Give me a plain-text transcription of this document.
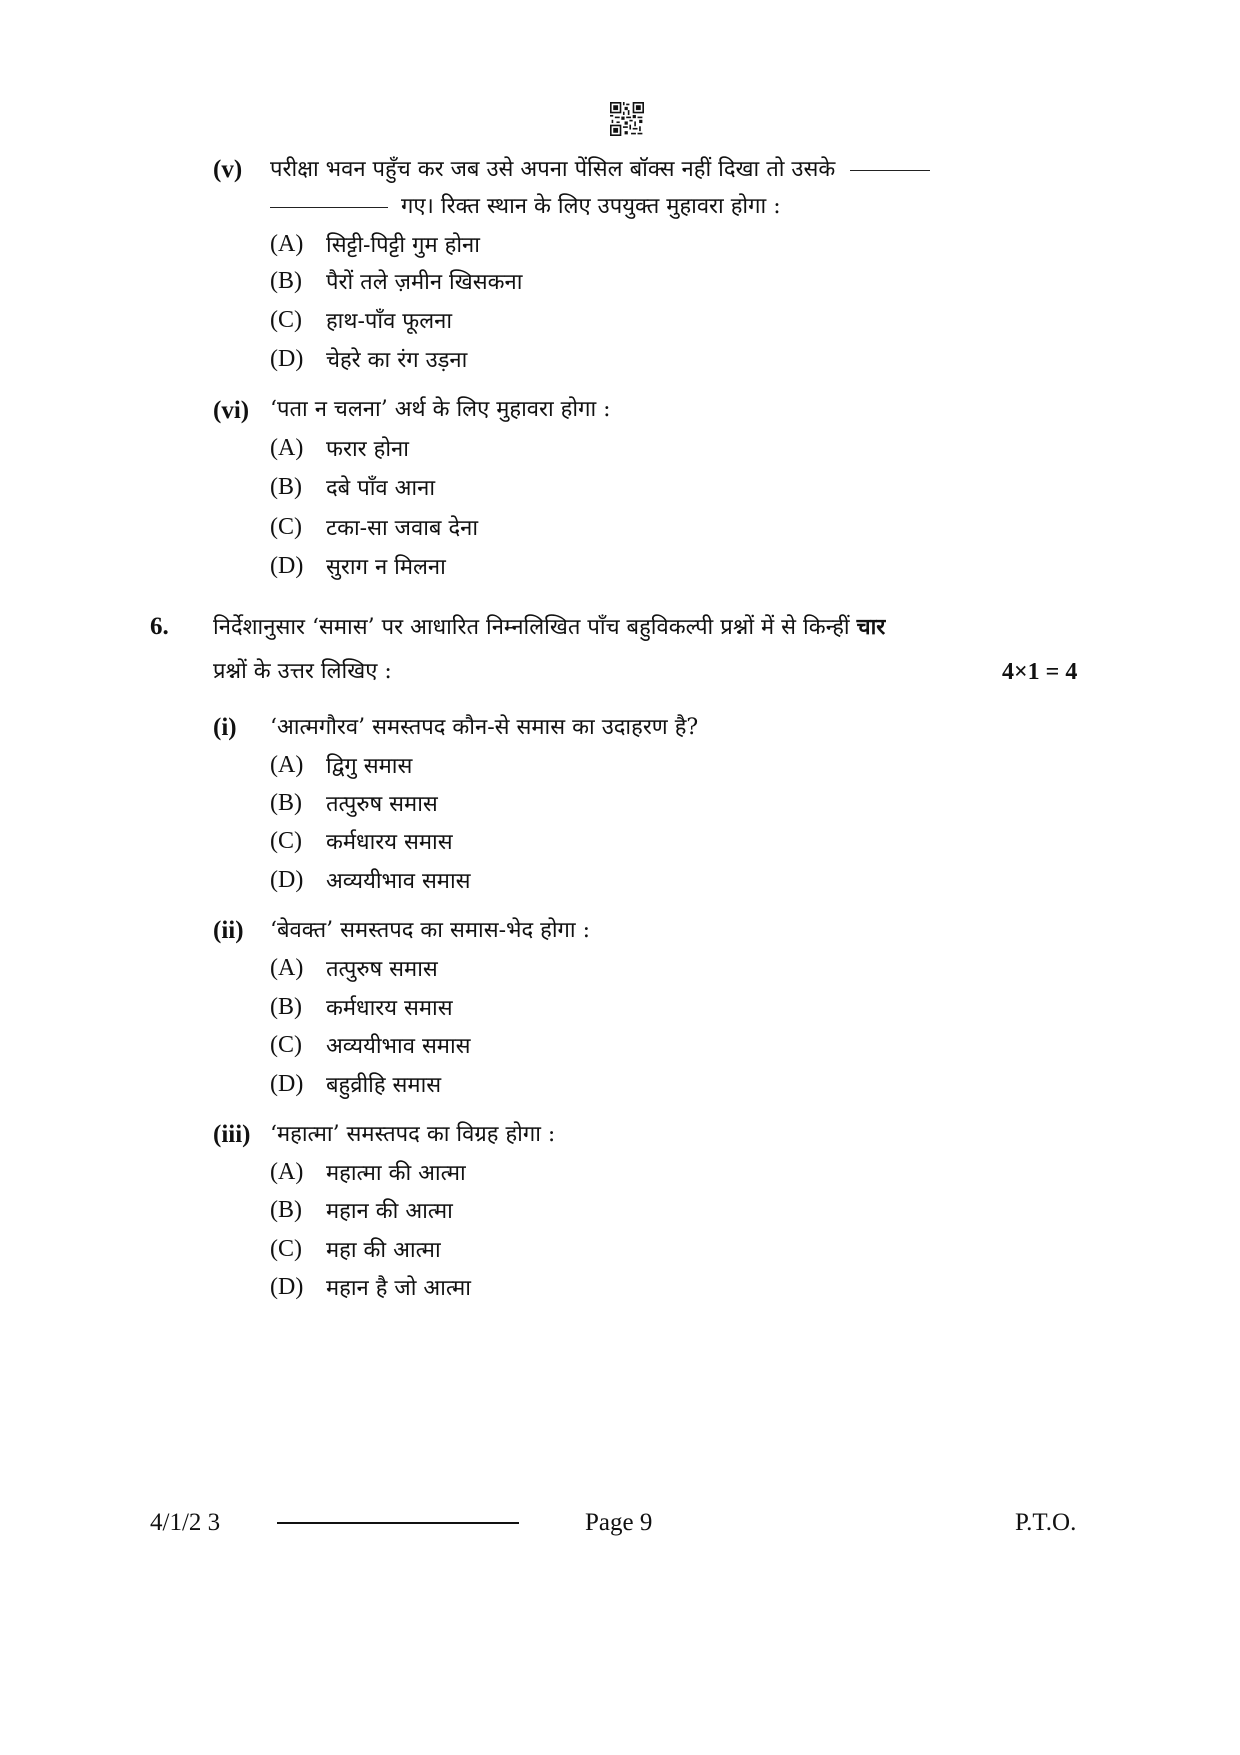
(v) परीक्षा भवन पहुँच कर जब उसे अपना पेंसिल बॉक्स नहीं दिखा तो उसके
गए। रिक्त स्थान के लिए उपयुक्त मुहावरा होगा :
(A) सिट्टी-पिट्टी गुम होना
(B) पैरों तले ज़मीन खिसकना
(C) हाथ-पाँव फूलना
(D) चेहरे का रंग उड़ना
(vi) ‘पता न चलना’ अर्थ के लिए मुहावरा होगा :
(A) फरार होना
(B) दबे पाँव आना
(C) टका-सा जवाब देना
(D) सुराग न मिलना
6. निर्देशानुसार ‘समास’ पर आधारित निम्नलिखित पाँच बहुविकल्पी प्रश्नों में से किन्हीं चार
प्रश्नों के उत्तर लिखिए :	4×1 = 4
(i) ‘आत्मगौरव’ समस्तपद कौन-से समास का उदाहरण है?
(A) द्विगु समास
(B) तत्पुरुष समास
(C) कर्मधारय समास
(D) अव्ययीभाव समास
(ii) ‘बेवक्त’ समस्तपद का समास-भेद होगा :
(A) तत्पुरुष समास
(B) कर्मधारय समास
(C) अव्ययीभाव समास
(D) बहुव्रीहि समास
(iii) ‘महात्मा’ समस्तपद का विग्रह होगा :
(A) महात्मा की आत्मा
(B) महान की आत्मा
(C) महा की आत्मा
(D) महान है जो आत्मा
4/1/2 3	Page 9	P.T.O.
